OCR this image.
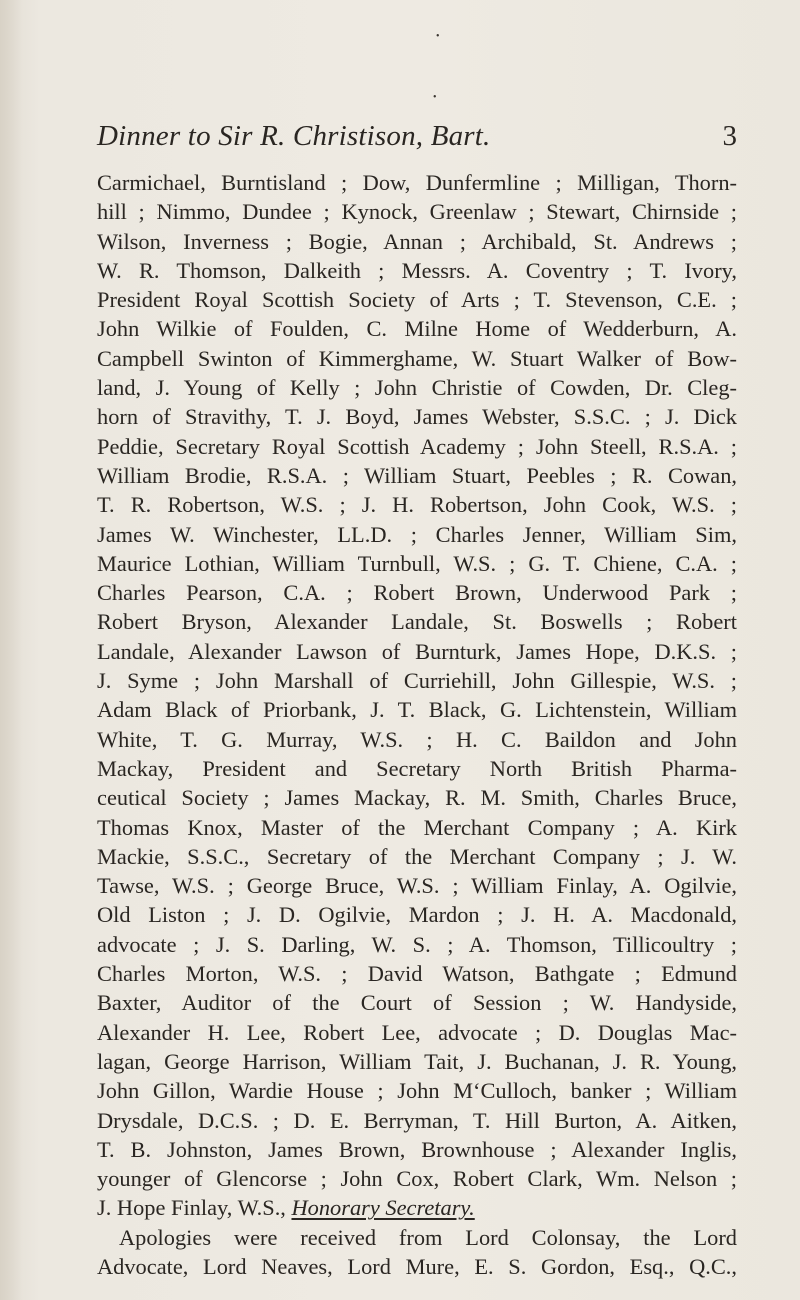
•
•
Dinner to Sir R. Christison, Bart.	3
Carmichael, Burntisland ; Dow, Dunfermline ; Milligan, Thorn-
hill ; Nimmo, Dundee ; Kynock, Greenlaw ; Stewart, Chirnside ;
Wilson, Inverness ; Bogie, Annan ; Archibald, St. Andrews ;
W. R. Thomson, Dalkeith ; Messrs. A. Coventry ; T. Ivory,
President Royal Scottish Society of Arts ; T. Stevenson, C.E. ;
John Wilkie of Foulden, C. Milne Home of Wedderburn, A.
Campbell Swinton of Kimmerghame, W. Stuart Walker of Bow-
land, J. Young of Kelly ; John Christie of Cowden, Dr. Cleg-
horn of Stravithy, T. J. Boyd, James Webster, S.S.C. ; J. Dick
Peddie, Secretary Royal Scottish Academy ; John Steell, R.S.A. ;
William Brodie, R.S.A. ; William Stuart, Peebles ; R. Cowan,
T. R. Robertson, W.S. ; J. H. Robertson, John Cook, W.S. ;
James W. Winchester, LL.D. ; Charles Jenner, William Sim,
Maurice Lothian, William Turnbull, W.S. ; G. T. Chiene, C.A. ;
Charles Pearson, C.A. ; Robert Brown, Underwood Park ;
Robert Bryson, Alexander Landale, St. Boswells ; Robert
Landale, Alexander Lawson of Burnturk, James Hope, D.K.S. ;
J. Syme ; John Marshall of Curriehill, John Gillespie, W.S. ;
Adam Black of Priorbank, J. T. Black, G. Lichtenstein, William
White, T. G. Murray, W.S. ; H. C. Baildon and John
Mackay, President and Secretary North British Pharma-
ceutical Society ; James Mackay, R. M. Smith, Charles Bruce,
Thomas Knox, Master of the Merchant Company ; A. Kirk
Mackie, S.S.C., Secretary of the Merchant Company ; J. W.
Tawse, W.S. ; George Bruce, W.S. ; William Finlay, A. Ogilvie,
Old Liston ; J. D. Ogilvie, Mardon ; J. H. A. Macdonald,
advocate ; J. S. Darling, W. S. ; A. Thomson, Tillicoultry ;
Charles Morton, W.S. ; David Watson, Bathgate ; Edmund
Baxter, Auditor of the Court of Session ; W. Handyside,
Alexander H. Lee, Robert Lee, advocate ; D. Douglas Mac-
lagan, George Harrison, William Tait, J. Buchanan, J. R. Young,
John Gillon, Wardie House ; John M‘Culloch, banker ; William
Drysdale, D.C.S. ; D. E. Berryman, T. Hill Burton, A. Aitken,
T. B. Johnston, James Brown, Brownhouse ; Alexander Inglis,
younger of Glencorse ; John Cox, Robert Clark, Wm. Nelson ;
J. Hope Finlay, W.S., Honorary Secretary.
Apologies were received from Lord Colonsay, the Lord
Advocate, Lord Neaves, Lord Mure, E. S. Gordon, Esq., Q.C.,
